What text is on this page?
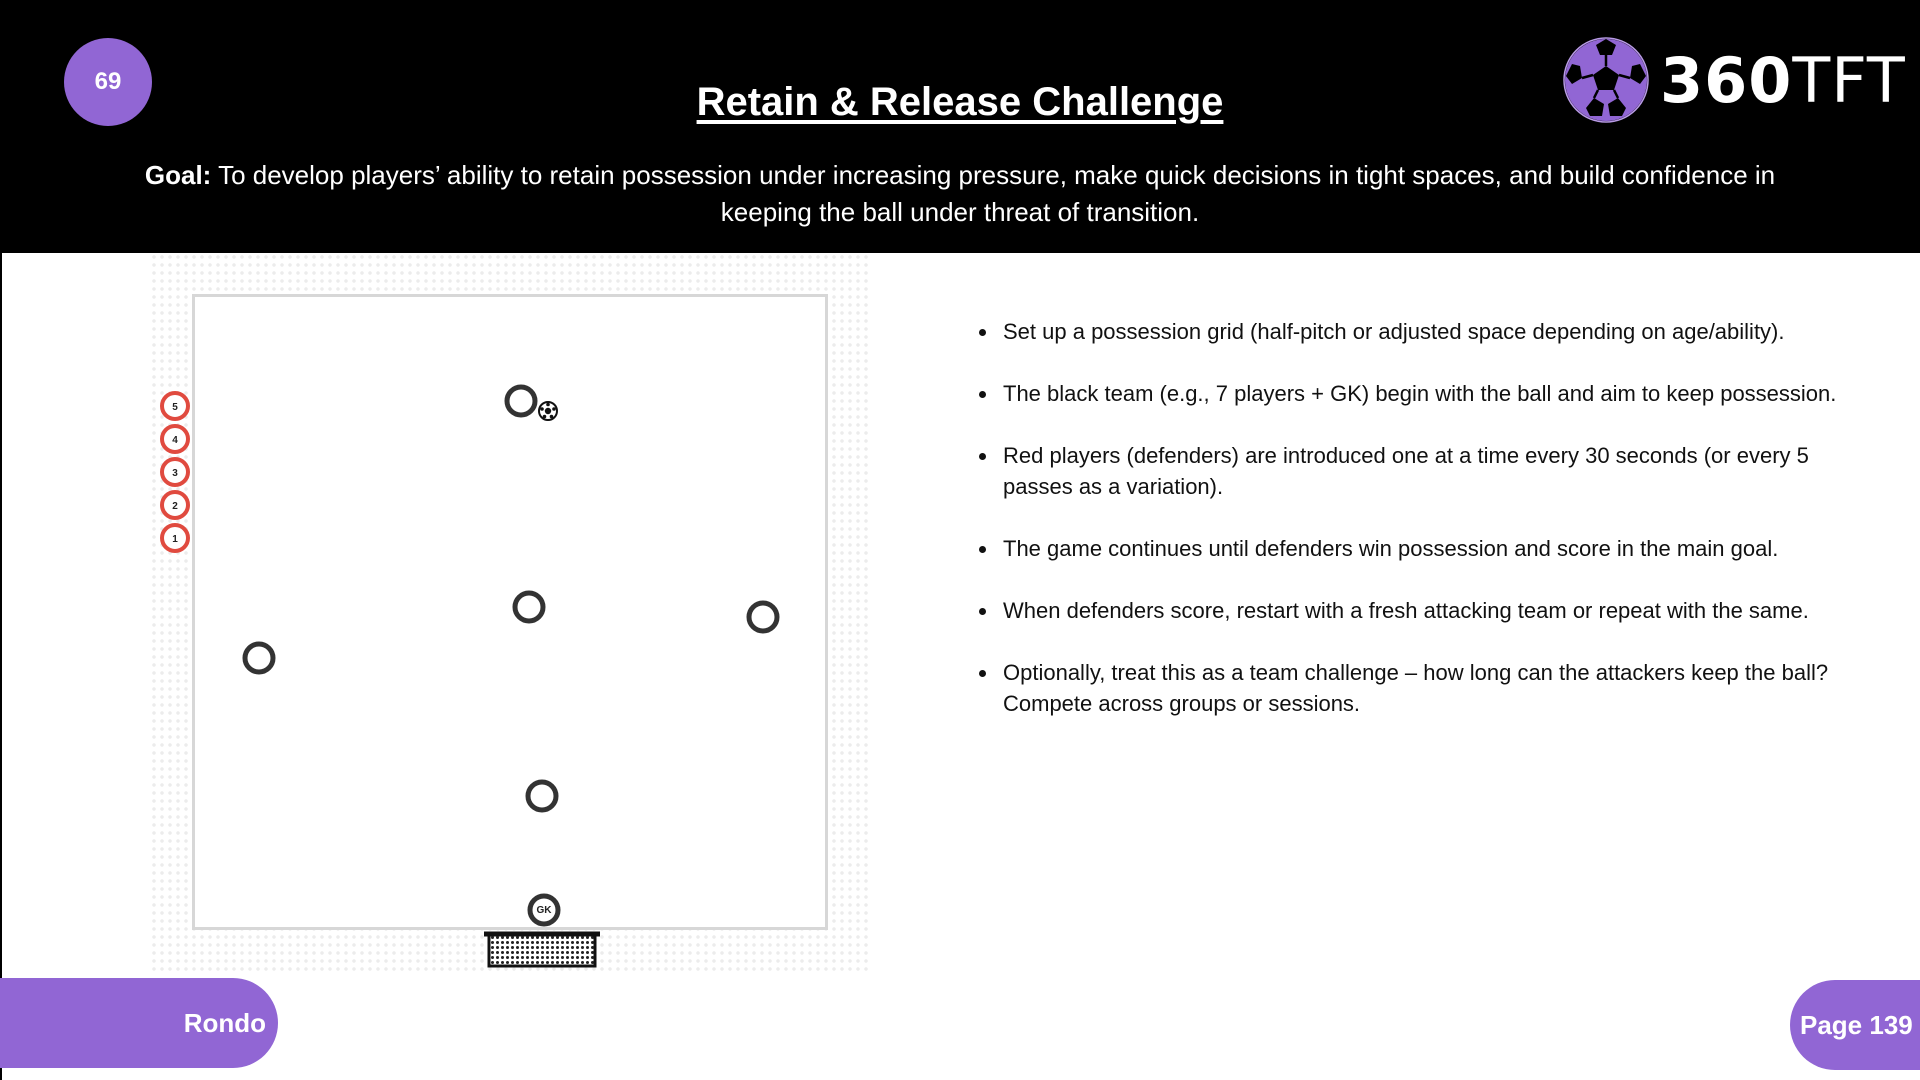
69	Retain & Release Challenge	360TFT
Goal: To develop players’ ability to retain possession under increasing pressure, make quick decisions in tight spaces, and build confidence in keeping the ball under threat of transition.
5
4
3
2
1
GK
• Set up a possession grid (half-pitch or adjusted space depending on age/ability).
• The black team (e.g., 7 players + GK) begin with the ball and aim to keep possession.
• Red players (defenders) are introduced one at a time every 30 seconds (or every 5 passes as a variation).
• The game continues until defenders win possession and score in the main goal.
• When defenders score, restart with a fresh attacking team or repeat with the same.
• Optionally, treat this as a team challenge – how long can the attackers keep the ball? Compete across groups or sessions.
Rondo	Page 139
